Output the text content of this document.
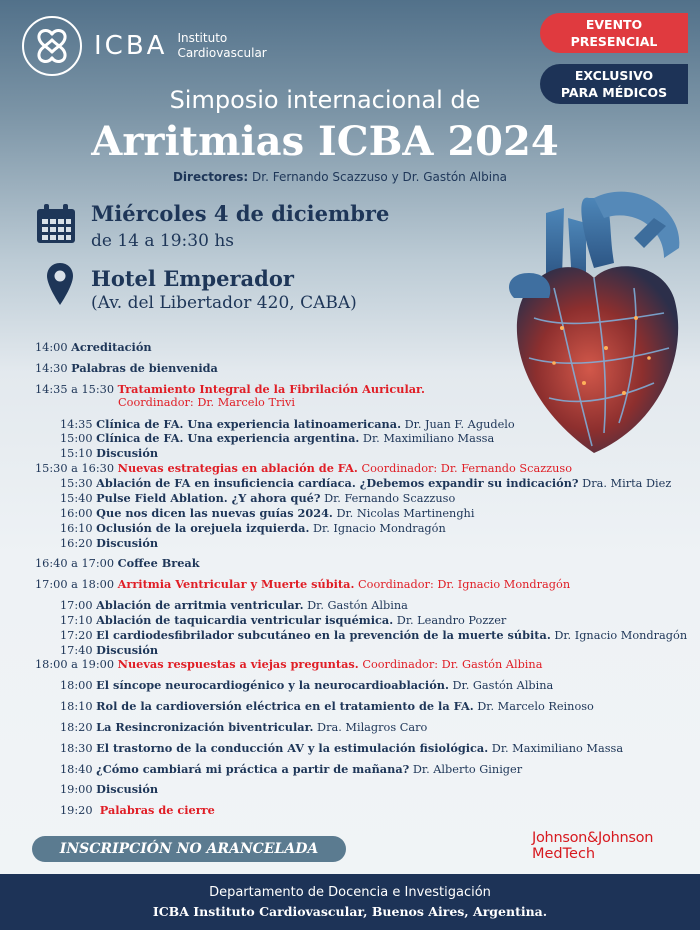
ICBA Instituto
Cardiovascular
EVENTO
PRESENCIAL
EXCLUSIVO
PARA MÉDICOS
Simposio internacional de
Arritmias ICBA 2024
Directores: Dr. Fernando Scazzuso y Dr. Gastón Albina
Miércoles 4 de diciembre
de 14 a 19:30 hs
Hotel Emperador
(Av. del Libertador 420, CABA)
14:00 Acreditación
14:30 Palabras de bienvenida
14:35 a 15:30 Tratamiento Integral de la Fibrilación Auricular.
Coordinador: Dr. Marcelo Trivi
14:35 Clínica de FA. Una experiencia latinoamericana. Dr. Juan F. Agudelo
15:00 Clínica de FA. Una experiencia argentina. Dr. Maximiliano Massa
15:10 Discusión
15:30 a 16:30 Nuevas estrategias en ablación de FA. Coordinador: Dr. Fernando Scazzuso
15:30 Ablación de FA en insuficiencia cardíaca. ¿Debemos expandir su indicación? Dra. Mirta Diez
15:40 Pulse Field Ablation. ¿Y ahora qué? Dr. Fernando Scazzuso
16:00 Que nos dicen las nuevas guías 2024. Dr. Nicolas Martinenghi
16:10 Oclusión de la orejuela izquierda. Dr. Ignacio Mondragón
16:20 Discusión
16:40 a 17:00 Coffee Break
17:00 a 18:00 Arritmia Ventricular y Muerte súbita. Coordinador: Dr. Ignacio Mondragón
17:00 Ablación de arritmia ventricular. Dr. Gastón Albina
17:10 Ablación de taquicardia ventricular isquémica. Dr. Leandro Pozzer
17:20 El cardiodesfibrilador subcutáneo en la prevención de la muerte súbita. Dr. Ignacio Mondragón
17:40 Discusión
18:00 a 19:00 Nuevas respuestas a viejas preguntas. Coordinador: Dr. Gastón Albina
18:00 El síncope neurocardiogénico y la neurocardioablación. Dr. Gastón Albina
18:10 Rol de la cardioversión eléctrica en el tratamiento de la FA. Dr. Marcelo Reinoso
18:20 La Resincronización biventricular. Dra. Milagros Caro
18:30 El trastorno de la conducción AV y la estimulación fisiológica. Dr. Maximiliano Massa
18:40 ¿Cómo cambiará mi práctica a partir de mañana? Dr. Alberto Giniger
19:00 Discusión
19:20 Palabras de cierre
INSCRIPCIÓN NO ARANCELADA
Johnson&Johnson
MedTech
Departamento de Docencia e Investigación
ICBA Instituto Cardiovascular, Buenos Aires, Argentina.
